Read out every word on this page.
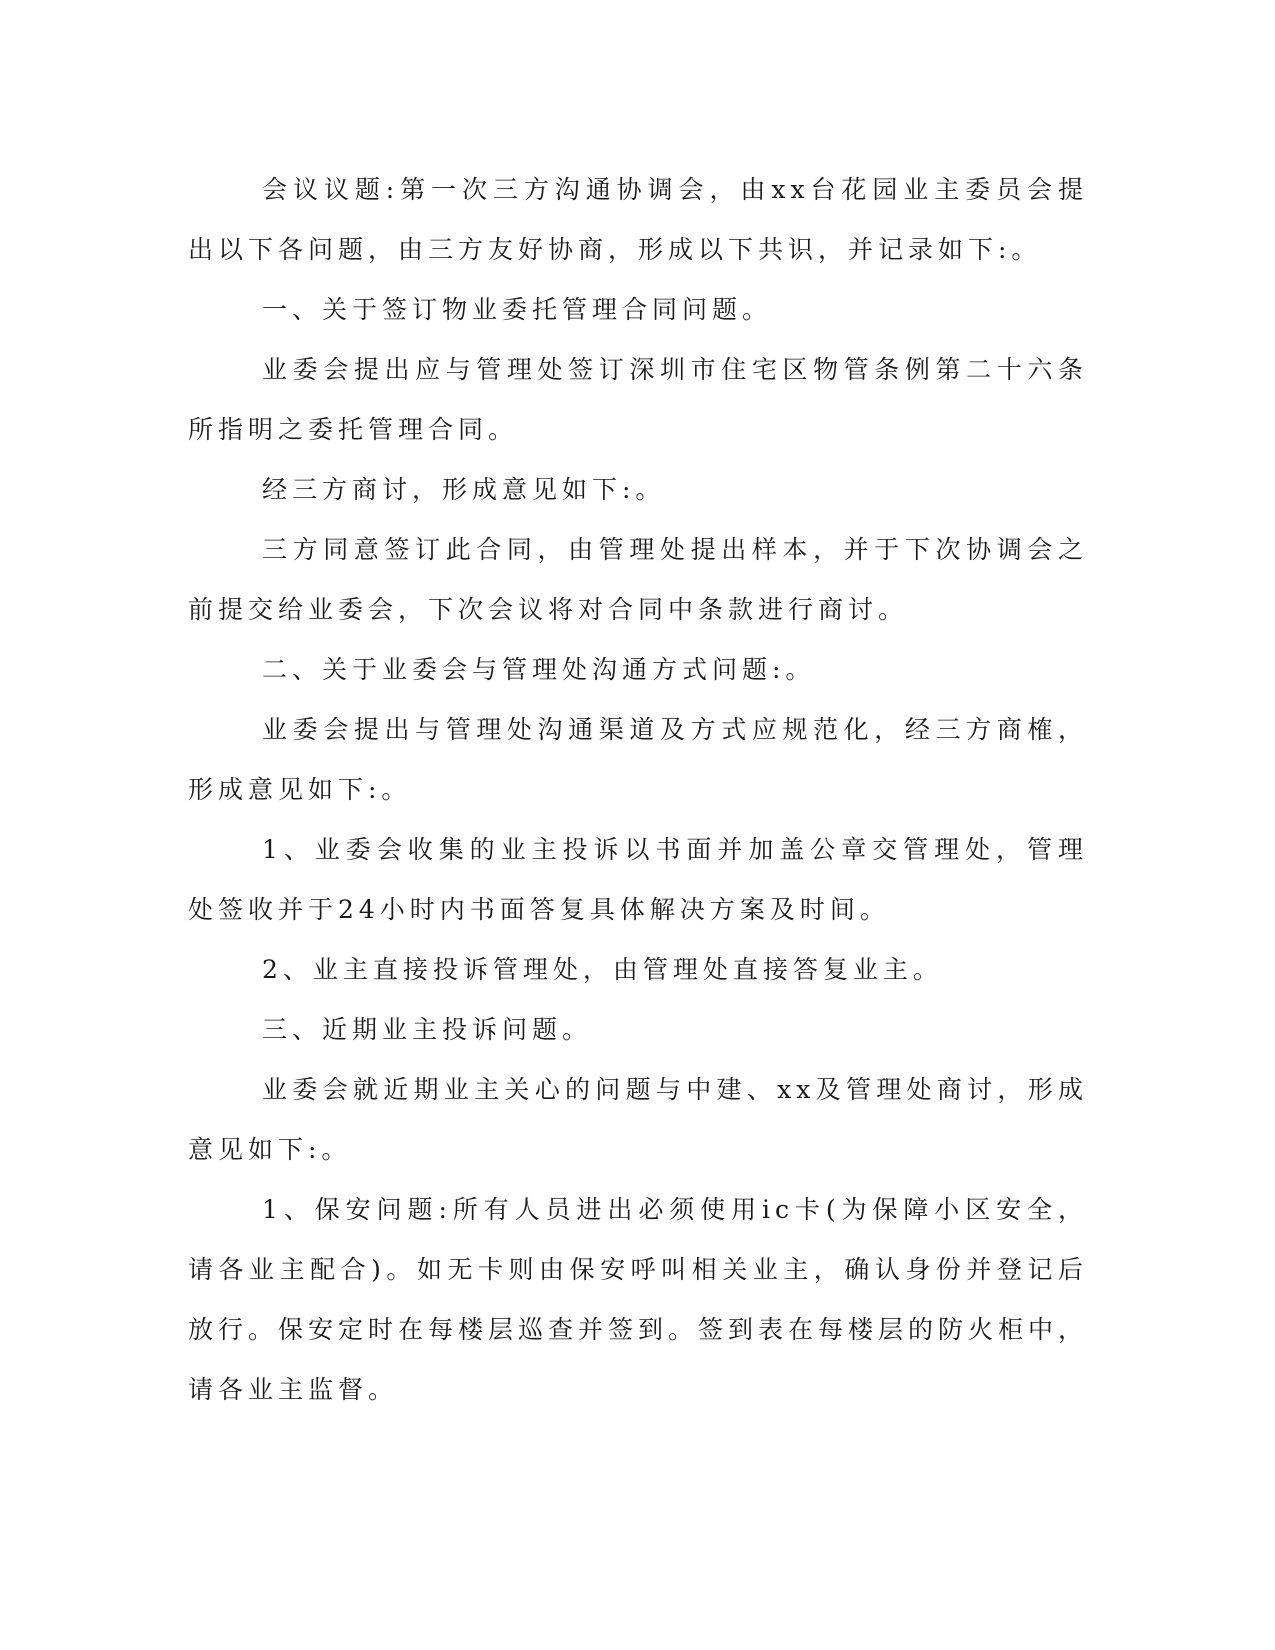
会议议题:第一次三方沟通协调会，由xx台花园业主委员会提出以下各问题，由三方友好协商，形成以下共识，并记录如下:。

一、关于签订物业委托管理合同问题。

业委会提出应与管理处签订深圳市住宅区物管条例第二十六条所指明之委托管理合同。

经三方商讨，形成意见如下:。

三方同意签订此合同，由管理处提出样本，并于下次协调会之前提交给业委会，下次会议将对合同中条款进行商讨。

二、关于业委会与管理处沟通方式问题:。

业委会提出与管理处沟通渠道及方式应规范化，经三方商榷，形成意见如下:。

1、业委会收集的业主投诉以书面并加盖公章交管理处，管理处签收并于24小时内书面答复具体解决方案及时间。

2、业主直接投诉管理处，由管理处直接答复业主。

三、近期业主投诉问题。

业委会就近期业主关心的问题与中建、xx及管理处商讨，形成意见如下:。

1、保安问题:所有人员进出必须使用ic卡(为保障小区安全，请各业主配合)。如无卡则由保安呼叫相关业主，确认身份并登记后放行。保安定时在每楼层巡查并签到。签到表在每楼层的防火柜中，请各业主监督。
